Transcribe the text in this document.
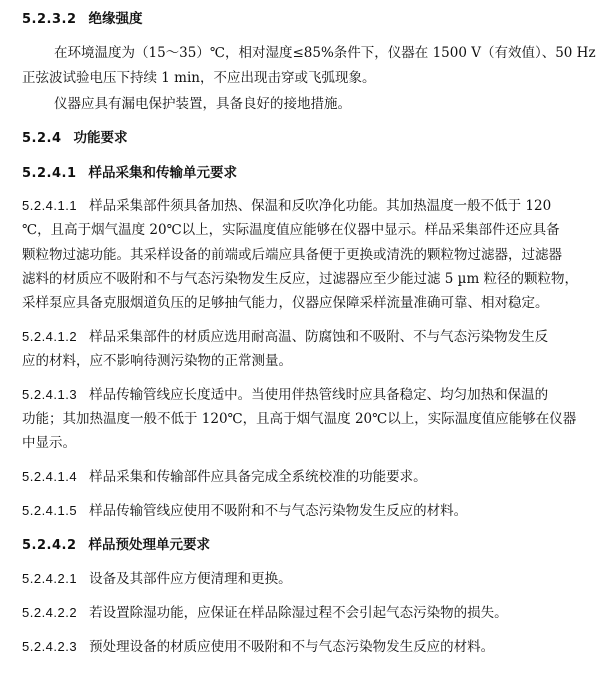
5.2.3.2 绝缘强度
在环境温度为（15～35）℃，相对湿度≤85%条件下，仪器在 1500 V（有效值）、50 Hz
正弦波试验电压下持续 1 min，不应出现击穿或飞弧现象。
仪器应具有漏电保护装置，具备良好的接地措施。
5.2.4 功能要求
5.2.4.1 样品采集和传输单元要求
5.2.4.1.1 样品采集部件须具备加热、保温和反吹净化功能。其加热温度一般不低于 120
℃，且高于烟气温度 20℃以上，实际温度值应能够在仪器中显示。样品采集部件还应具备
颗粒物过滤功能。其采样设备的前端或后端应具备便于更换或清洗的颗粒物过滤器，过滤器
滤料的材质应不吸附和不与气态污染物发生反应，过滤器应至少能过滤 5 µm 粒径的颗粒物，
采样泵应具备克服烟道负压的足够抽气能力，仪器应保障采样流量准确可靠、相对稳定。
5.2.4.1.2 样品采集部件的材质应选用耐高温、防腐蚀和不吸附、不与气态污染物发生反
应的材料，应不影响待测污染物的正常测量。
5.2.4.1.3 样品传输管线应长度适中。当使用伴热管线时应具备稳定、均匀加热和保温的
功能；其加热温度一般不低于 120℃，且高于烟气温度 20℃以上，实际温度值应能够在仪器
中显示。
5.2.4.1.4 样品采集和传输部件应具备完成全系统校准的功能要求。
5.2.4.1.5 样品传输管线应使用不吸附和不与气态污染物发生反应的材料。
5.2.4.2 样品预处理单元要求
5.2.4.2.1 设备及其部件应方便清理和更换。
5.2.4.2.2 若设置除湿功能，应保证在样品除湿过程不会引起气态污染物的损失。
5.2.4.2.3 预处理设备的材质应使用不吸附和不与气态污染物发生反应的材料。
